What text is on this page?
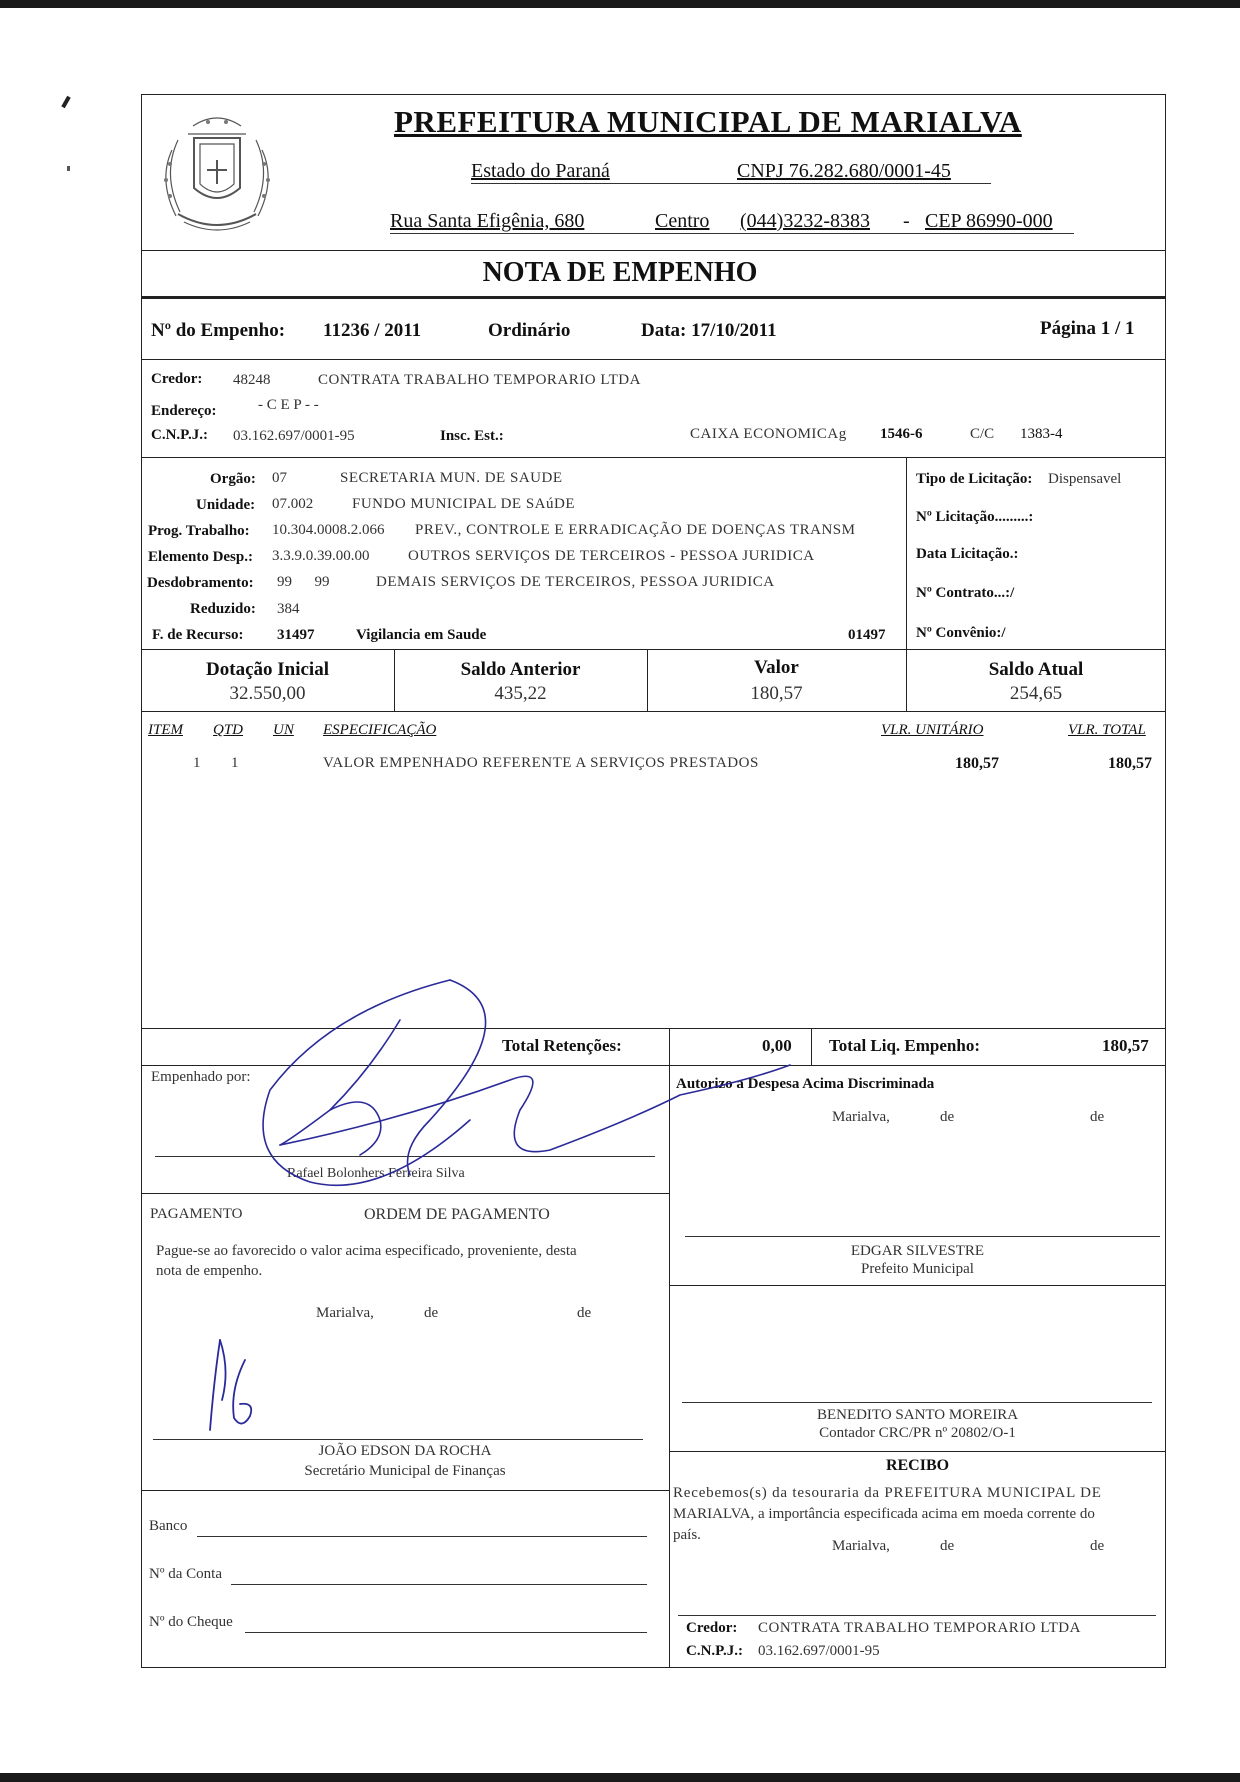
PREFEITURA MUNICIPAL DE MARIALVA
Estado do Paraná	CNPJ 76.282.680/0001-45
Rua Santa Efigênia, 680	Centro (044)3232-8383 - CEP 86990-000
NOTA DE EMPENHO
Nº do Empenho: 11236 / 2011	Ordinário	Data: 17/10/2011	Página 1 / 1
Credor: 48248	CONTRATA TRABALHO TEMPORARIO LTDA
Endereço:	- C E P - -
C.N.P.J.: 03.162.697/0001-95	Insc. Est.:	CAIXA ECONOMICAg 1546-6	C/C 1383-4
Orgão: 07	SECRETARIA MUN. DE SAUDE
Unidade: 07.002	FUNDO MUNICIPAL DE SAúDE
Prog. Trabalho: 10.304.0008.2.066 PREV., CONTROLE E ERRADICAÇÃO DE DOENÇAS TRANSM
Elemento Desp.: 3.3.9.0.39.00.00	OUTROS SERVIÇOS DE TERCEIROS - PESSOA JURIDICA
Desdobramento: 99      99	DEMAIS SERVIÇOS DE TERCEIROS, PESSOA JURIDICA
Reduzido: 384
F. de Recurso: 31497	Vigilancia em Saude	01497
Tipo de Licitação: Dispensavel
Nº Licitação.........:
Data Licitação.:
Nº Contrato...:/
Nº Convênio:/
Dotação Inicial
32.550,00
Saldo Anterior
435,22
Valor
180,57
Saldo Atual
254,65
ITEM QTD UN ESPECIFICAÇÃO	VLR. UNITÁRIO	VLR. TOTAL
1 1	VALOR EMPENHADO REFERENTE A SERVIÇOS PRESTADOS	180,57	180,57
Total Retenções:	0,00 Total Liq. Empenho:	180,57
Empenhado por:
Rafael Bolonhers Ferreira Silva
Autorizo a Despesa Acima Discriminada
Marialva,	de	de
EDGAR SILVESTRE
Prefeito Municipal
PAGAMENTO	ORDEM DE PAGAMENTO
Pague-se ao favorecido o valor acima especificado, proveniente, desta
nota de empenho.
Marialva,	de	de
JOÃO EDSON DA ROCHA
Secretário Municipal de Finanças
BENEDITO SANTO MOREIRA
Contador CRC/PR nº 20802/O-1
RECIBO
Recebemos(s) da tesouraria da PREFEITURA MUNICIPAL DE
MARIALVA, a importância especificada acima em moeda corrente do
país.
Marialva,	de	de
Credor: CONTRATA TRABALHO TEMPORARIO LTDA
C.N.P.J.: 03.162.697/0001-95
Banco
Nº da Conta
Nº do Cheque
